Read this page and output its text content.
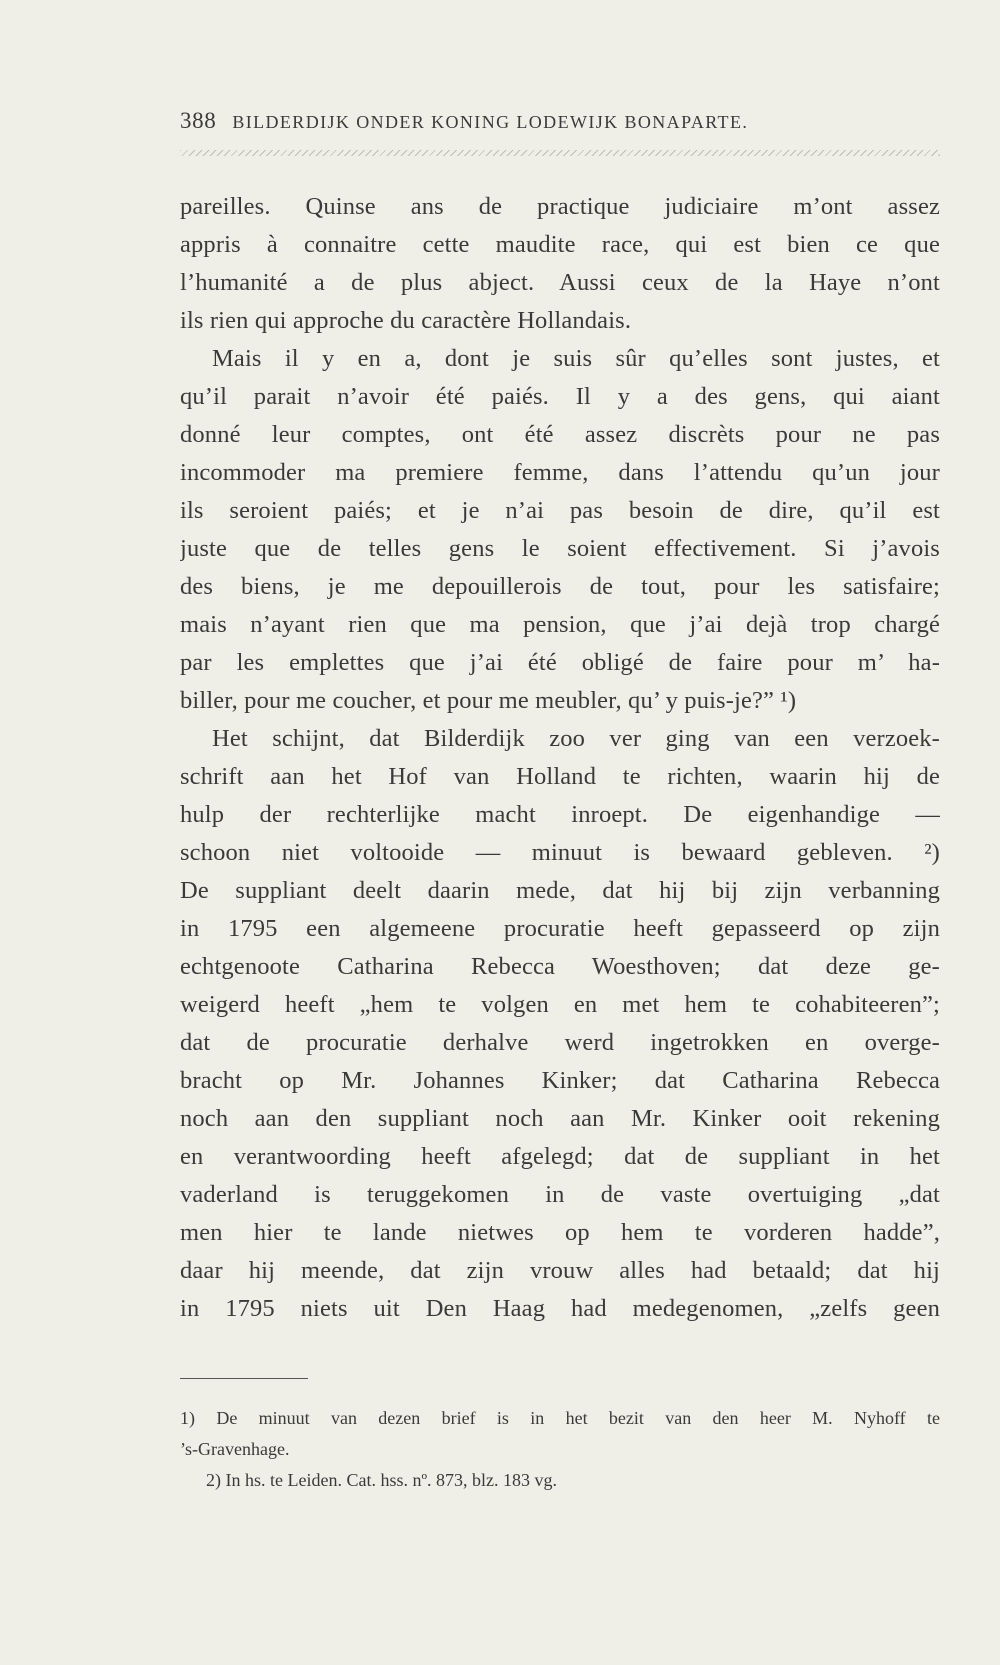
388 BILDERDIJK ONDER KONING LODEWIJK BONAPARTE.
pareilles. Quinse ans de practique judiciaire m’ont assez
appris à connaitre cette maudite race, qui est bien ce que
l’humanité a de plus abject. Aussi ceux de la Haye n’ont
ils rien qui approche du caractère Hollandais.
Mais il y en a, dont je suis sûr qu’elles sont justes, et
qu’il parait n’avoir été paiés. Il y a des gens, qui aiant
donné leur comptes, ont été assez discrèts pour ne pas
incommoder ma premiere femme, dans l’attendu qu’un jour
ils seroient paiés; et je n’ai pas besoin de dire, qu’il est
juste que de telles gens le soient effectivement. Si j’avois
des biens, je me depouillerois de tout, pour les satisfaire;
mais n’ayant rien que ma pension, que j’ai dejà trop chargé
par les emplettes que j’ai été obligé de faire pour m’ ha-
biller, pour me coucher, et pour me meubler, qu’ y puis-je?” ¹)
Het schijnt, dat Bilderdijk zoo ver ging van een verzoek-
schrift aan het Hof van Holland te richten, waarin hij de
hulp der rechterlijke macht inroept. De eigenhandige —
schoon niet voltooide — minuut is bewaard gebleven. ²)
De suppliant deelt daarin mede, dat hij bij zijn verbanning
in 1795 een algemeene procuratie heeft gepasseerd op zijn
echtgenoote Catharina Rebecca Woesthoven; dat deze ge-
weigerd heeft „hem te volgen en met hem te cohabiteeren”;
dat de procuratie derhalve werd ingetrokken en overge-
bracht op Mr. Johannes Kinker; dat Catharina Rebecca
noch aan den suppliant noch aan Mr. Kinker ooit rekening
en verantwoording heeft afgelegd; dat de suppliant in het
vaderland is teruggekomen in de vaste overtuiging „dat
men hier te lande nietwes op hem te vorderen hadde”,
daar hij meende, dat zijn vrouw alles had betaald; dat hij
in 1795 niets uit Den Haag had medegenomen, „zelfs geen
1) De minuut van dezen brief is in het bezit van den heer M. Nyhoff te
’s-Gravenhage.
2) In hs. te Leiden. Cat. hss. nº. 873, blz. 183 vg.
